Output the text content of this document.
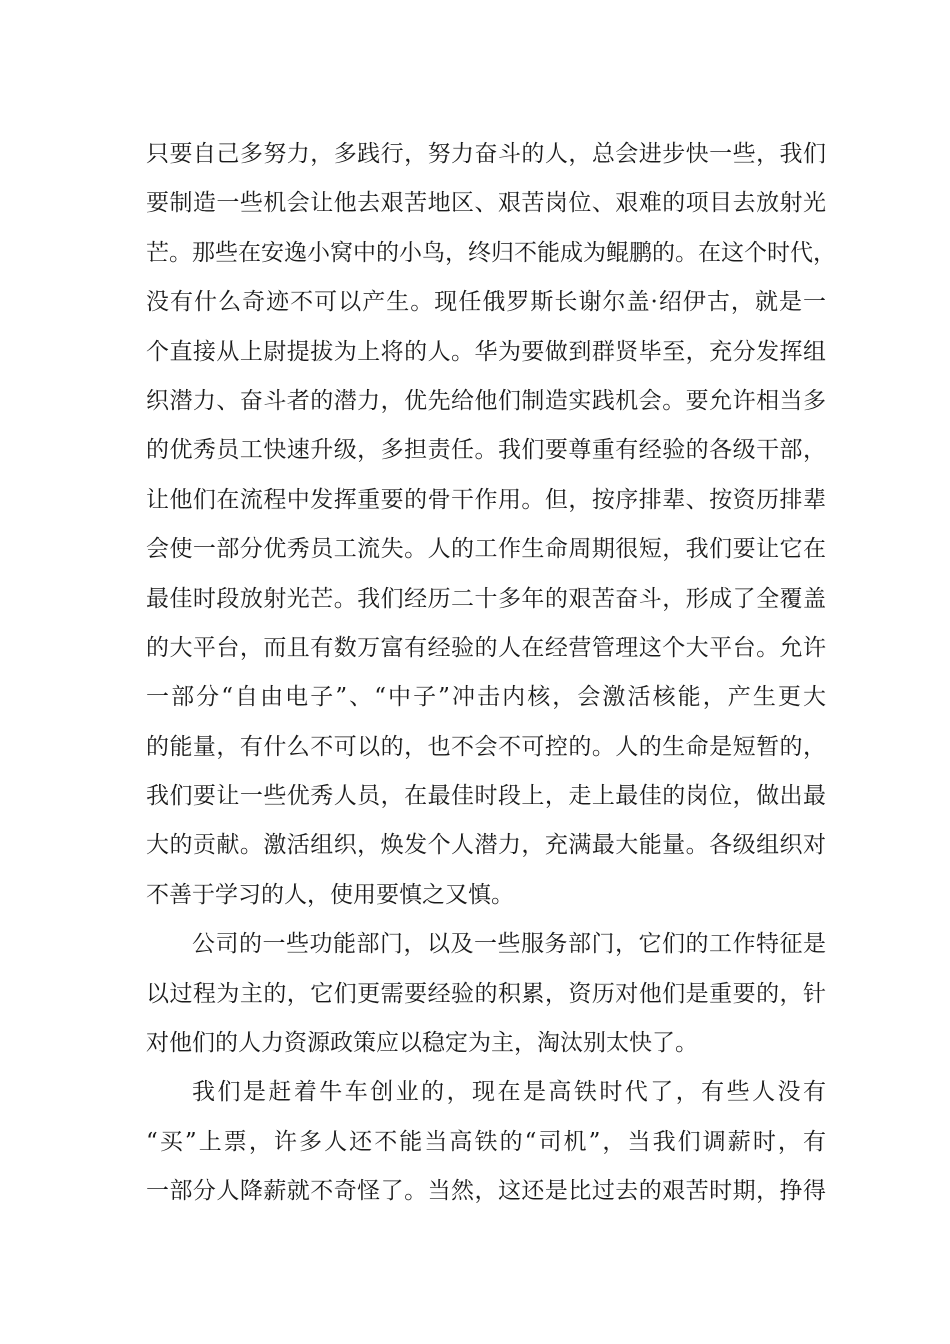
只要自己多努力，多践行，努力奋斗的人，总会进步快一些，我们
要制造一些机会让他去艰苦地区、艰苦岗位、艰难的项目去放射光
芒。那些在安逸小窝中的小鸟，终归不能成为鲲鹏的。在这个时代，
没有什么奇迹不可以产生。现任俄罗斯长谢尔盖·绍伊古，就是一
个直接从上尉提拔为上将的人。华为要做到群贤毕至，充分发挥组
织潜力、奋斗者的潜力，优先给他们制造实践机会。要允许相当多
的优秀员工快速升级，多担责任。我们要尊重有经验的各级干部，
让他们在流程中发挥重要的骨干作用。但，按序排辈、按资历排辈
会使一部分优秀员工流失。人的工作生命周期很短，我们要让它在
最佳时段放射光芒。我们经历二十多年的艰苦奋斗，形成了全覆盖
的大平台，而且有数万富有经验的人在经营管理这个大平台。允许
一部分“自由电子”、“中子”冲击内核，会激活核能，产生更大
的能量，有什么不可以的，也不会不可控的。人的生命是短暂的，
我们要让一些优秀人员，在最佳时段上，走上最佳的岗位，做出最
大的贡献。激活组织，焕发个人潜力，充满最大能量。各级组织对
不善于学习的人，使用要慎之又慎。
公司的一些功能部门，以及一些服务部门，它们的工作特征是
以过程为主的，它们更需要经验的积累，资历对他们是重要的，针
对他们的人力资源政策应以稳定为主，淘汰别太快了。
我们是赶着牛车创业的，现在是高铁时代了，有些人没有
“买”上票，许多人还不能当高铁的“司机”，当我们调薪时，有
一部分人降薪就不奇怪了。当然，这还是比过去的艰苦时期，挣得
